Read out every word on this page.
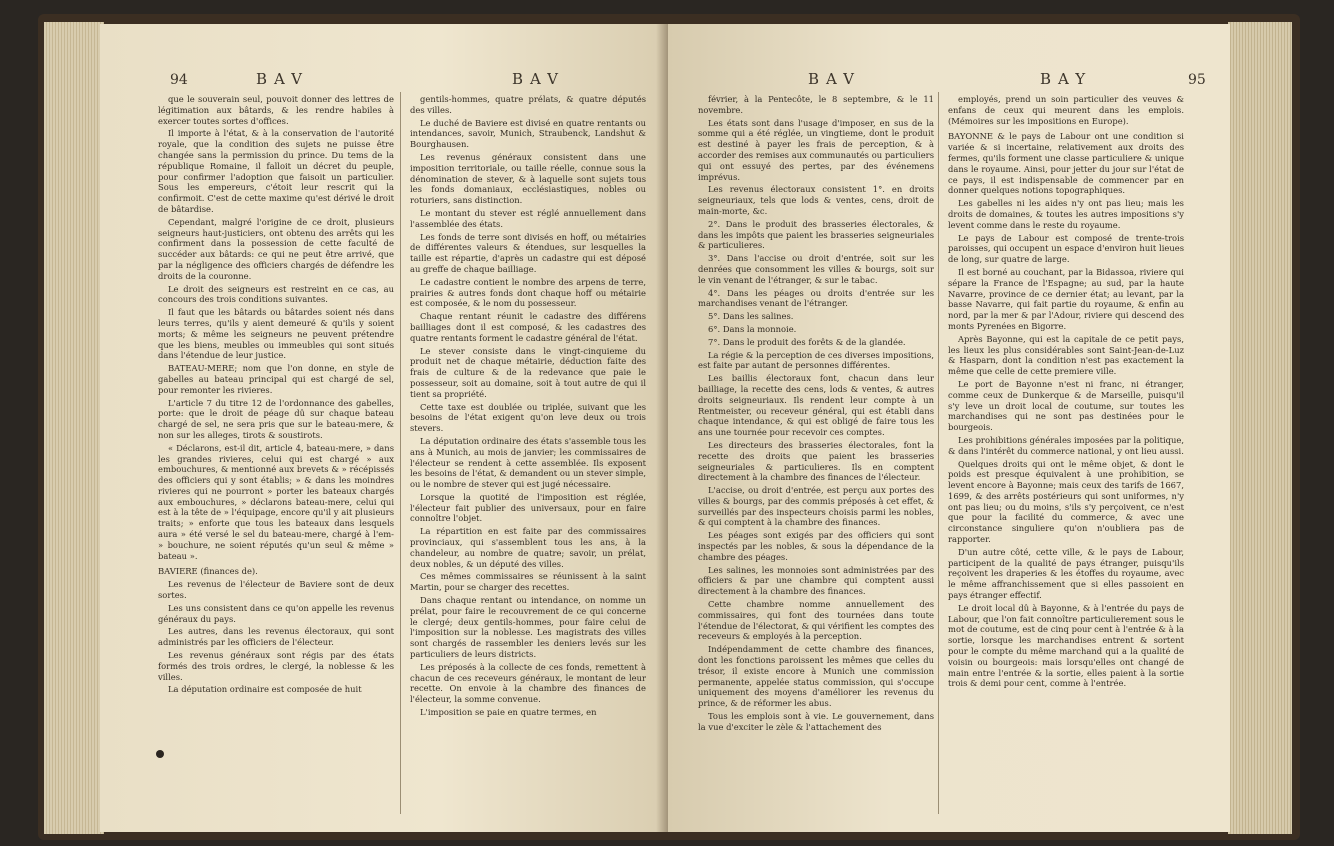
94	BAV	BAV

que le souverain seul, pouvoit donner des lettres de légitimation aux bâtards, & les rendre habiles à exercer toutes sortes d'offices.

Il importe à l'état, & à la conservation de l'autorité royale, que la condition des sujets ne puisse être changée sans la permission du prince. Du tems de la république Romaine, il falloit un décret du peuple, pour confirmer l'adoption que faisoit un particulier. Sous les empereurs, c'étoit leur rescrit qui la confirmoit. C'est de cette maxime qu'est dérivé le droit de bâtardise.

Cependant, malgré l'origine de ce droit, plusieurs seigneurs haut-justiciers, ont obtenu des arrêts qui les confirment dans la possession de cette faculté de succéder aux bâtards: ce qui ne peut être arrivé, que par la négligence des officiers chargés de défendre les droits de la couronne.

Le droit des seigneurs est restreint en ce cas, au concours des trois conditions suivantes.

Il faut que les bâtards ou bâtardes soient nés dans leurs terres, qu'ils y aient demeuré & qu'ils y soient morts; & même les seigneurs ne peuvent prétendre que les biens, meubles ou immeubles qui sont situés dans l'étendue de leur justice.

BATEAU-MERE; nom que l'on donne, en style de gabelles au bateau principal qui est chargé de sel, pour remonter les rivieres.

L'article 7 du titre 12 de l'ordonnance des gabelles, porte: que le droit de péage dû sur chaque bateau chargé de sel, ne sera pris que sur le bateau-mere, & non sur les alleges, tirots & soustirots.

« Déclarons, est-il dit, article 4, bateau-mere, » dans les grandes rivieres, celui qui est chargé » aux embouchures, & mentionné aux brevets & » récépissés des officiers qui y sont établis; » & dans les moindres rivieres qui ne pourront » porter les bateaux chargés aux embouchures, » déclarons bateau-mere, celui qui est à la tête de » l'équipage, encore qu'il y ait plusieurs traits; » enforte que tous les bateaux dans lesquels aura » été versé le sel du bateau-mere, chargé à l'em- » bouchure, ne soient réputés qu'un seul & même » bateau ».

BAVIERE (finances de).

Les revenus de l'électeur de Baviere sont de deux sortes.

Les uns consistent dans ce qu'on appelle les revenus généraux du pays.

Les autres, dans les revenus électoraux, qui sont administrés par les officiers de l'électeur.

Les revenus généraux sont régis par des états formés des trois ordres, le clergé, la noblesse & les villes.

La députation ordinaire est composée de huit

gentils-hommes, quatre prélats, & quatre députés des villes.

Le duché de Baviere est divisé en quatre rentants ou intendances, savoir, Munich, Straubenck, Landshut & Bourghausen.

Les revenus généraux consistent dans une imposition territoriale, ou taille réelle, connue sous la dénomination de stever, & à laquelle sont sujets tous les fonds domaniaux, ecclésiastiques, nobles ou roturiers, sans distinction.

Le montant du stever est réglé annuellement dans l'assemblée des états.

Les fonds de terre sont divisés en hoff, ou métairies de différentes valeurs & étendues, sur lesquelles la taille est répartie, d'après un cadastre qui est déposé au greffe de chaque bailliage.

Le cadastre contient le nombre des arpens de terre, prairies & autres fonds dont chaque hoff ou métairie est composée, & le nom du possesseur.

Chaque rentant réunit le cadastre des différens bailliages dont il est composé, & les cadastres des quatre rentants forment le cadastre général de l'état.

Le stever consiste dans le vingt-cinquieme du produit net de chaque métairie, déduction faite des frais de culture & de la redevance que paie le possesseur, soit au domaine, soit à tout autre de qui il tient sa propriété.

Cette taxe est doublée ou triplée, suivant que les besoins de l'état exigent qu'on leve deux ou trois stevers.

La députation ordinaire des états s'assemble tous les ans à Munich, au mois de janvier; les commissaires de l'électeur se rendent à cette assemblée. Ils exposent les besoins de l'état, & demandent ou un stever simple, ou le nombre de stever qui est jugé nécessaire.

Lorsque la quotité de l'imposition est réglée, l'électeur fait publier des universaux, pour en faire connoître l'objet.

La répartition en est faite par des commissaires provinciaux, qui s'assemblent tous les ans, à la chandeleur, au nombre de quatre; savoir, un prélat, deux nobles, & un député des villes.

Ces mêmes commissaires se réunissent à la saint Martin, pour se charger des recettes.

Dans chaque rentant ou intendance, on nomme un prélat, pour faire le recouvrement de ce qui concerne le clergé; deux gentils-hommes, pour faire celui de l'imposition sur la noblesse. Les magistrats des villes sont chargés de rassembler les deniers levés sur les particuliers de leurs districts.

Les préposés à la collecte de ces fonds, remettent à chacun de ces receveurs généraux, le montant de leur recette. On envoie à la chambre des finances de l'électeur, la somme convenue.

L'imposition se paie en quatre termes, en

BAV	BAY	95

février, à la Pentecôte, le 8 septembre, & le 11 novembre.

Les états sont dans l'usage d'imposer, en sus de la somme qui a été réglée, un vingtieme, dont le produit est destiné à payer les frais de perception, & à accorder des remises aux communautés ou particuliers qui ont essuyé des pertes, par des événemens imprévus.

Les revenus électoraux consistent 1°. en droits seigneuriaux, tels que lods & ventes, cens, droit de main-morte, &c.

2°. Dans le produit des brasseries électorales, & dans les impôts que paient les brasseries seigneuriales & particulieres.

3°. Dans l'accise ou droit d'entrée, soit sur les denrées que consomment les villes & bourgs, soit sur le vin venant de l'étranger, & sur le tabac.

4°. Dans les péages ou droits d'entrée sur les marchandises venant de l'étranger.

5°. Dans les salines.

6°. Dans la monnoie.

7°. Dans le produit des forêts & de la glandée.

La régie & la perception de ces diverses impositions, est faite par autant de personnes différentes.

Les baillis électoraux font, chacun dans leur bailliage, la recette des cens, lods & ventes, & autres droits seigneuriaux. Ils rendent leur compte à un Rentmeister, ou receveur général, qui est établi dans chaque intendance, & qui est obligé de faire tous les ans une tournée pour recevoir ces comptes.

Les directeurs des brasseries électorales, font la recette des droits que paient les brasseries seigneuriales & particulieres. Ils en comptent directement à la chambre des finances de l'électeur.

L'accise, ou droit d'entrée, est perçu aux portes des villes & bourgs, par des commis préposés à cet effet, & surveillés par des inspecteurs choisis parmi les nobles, & qui comptent à la chambre des finances.

Les péages sont exigés par des officiers qui sont inspectés par les nobles, & sous la dépendance de la chambre des péages.

Les salines, les monnoies sont administrées par des officiers & par une chambre qui comptent aussi directement à la chambre des finances.

Cette chambre nomme annuellement des commissaires, qui font des tournées dans toute l'étendue de l'électorat, & qui vérifient les comptes des receveurs & employés à la perception.

Indépendamment de cette chambre des finances, dont les fonctions paroissent les mêmes que celles du trésor, il existe encore à Munich une commission permanente, appelée status commission, qui s'occupe uniquement des moyens d'améliorer les revenus du prince, & de réformer les abus.

Tous les emplois sont à vie. Le gouvernement, dans la vue d'exciter le zèle & l'attachement des

employés, prend un soin particulier des veuves & enfans de ceux qui meurent dans les emplois. (Mémoires sur les impositions en Europe).

BAYONNE & le pays de Labour ont une condition si variée & si incertaine, relativement aux droits des fermes, qu'ils forment une classe particuliere & unique dans le royaume. Ainsi, pour jetter du jour sur l'état de ce pays, il est indispensable de commencer par en donner quelques notions topographiques.

Les gabelles ni les aides n'y ont pas lieu; mais les droits de domaines, & toutes les autres impositions s'y levent comme dans le reste du royaume.

Le pays de Labour est composé de trente-trois paroisses, qui occupent un espace d'environ huit lieues de long, sur quatre de large.

Il est borné au couchant, par la Bidassoa, riviere qui sépare la France de l'Espagne; au sud, par la haute Navarre, province de ce dernier état; au levant, par la basse Navarre, qui fait partie du royaume, & enfin au nord, par la mer & par l'Adour, riviere qui descend des monts Pyrenées en Bigorre.

Après Bayonne, qui est la capitale de ce petit pays, les lieux les plus considérables sont Saint-Jean-de-Luz & Hasparn, dont la condition n'est pas exactement la même que celle de cette premiere ville.

Le port de Bayonne n'est ni franc, ni étranger, comme ceux de Dunkerque & de Marseille, puisqu'il s'y leve un droit local de coutume, sur toutes les marchandises qui ne sont pas destinées pour le bourgeois.

Les prohibitions générales imposées par la politique, & dans l'intérêt du commerce national, y ont lieu aussi.

Quelques droits qui ont le même objet, & dont le poids est presque équivalent à une prohibition, se levent encore à Bayonne; mais ceux des tarifs de 1667, 1699, & des arrêts postérieurs qui sont uniformes, n'y ont pas lieu; ou du moins, s'ils s'y perçoivent, ce n'est que pour la facilité du commerce, & avec une circonstance singuliere qu'on n'oubliera pas de rapporter.

D'un autre côté, cette ville, & le pays de Labour, participent de la qualité de pays étranger, puisqu'ils reçoivent les draperies & les étoffes du royaume, avec le même affranchissement que si elles passoient en pays étranger effectif.

Le droit local dû à Bayonne, & à l'entrée du pays de Labour, que l'on fait connoître particulierement sous le mot de coutume, est de cinq pour cent à l'entrée & à la sortie, lorsque les marchandises entrent & sortent pour le compte du même marchand qui a la qualité de voisin ou bourgeois: mais lorsqu'elles ont changé de main entre l'entrée & la sortie, elles paient à la sortie trois & demi pour cent, comme à l'entrée.
